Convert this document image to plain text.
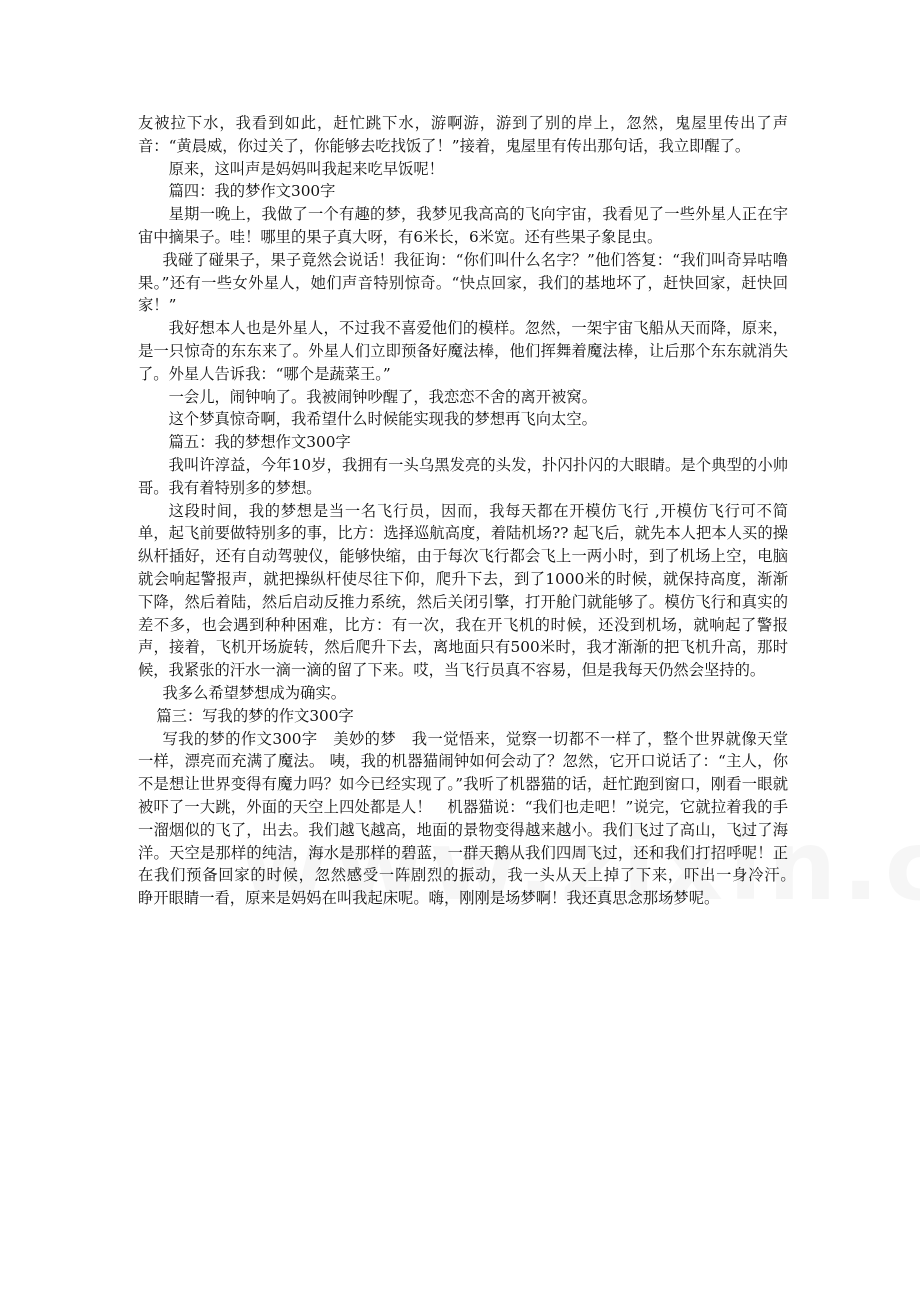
友被拉下水，我看到如此，赶忙跳下水，游啊游，游到了别的岸上，忽然，鬼屋里传出了声音：“黄晨威，你过关了，你能够去吃找饭了！”接着，鬼屋里有传出那句话，我立即醒了。

原来，这叫声是妈妈叫我起来吃早饭呢！

篇四：我的梦作文300字

星期一晚上，我做了一个有趣的梦，我梦见我高高的飞向宇宙，我看见了一些外星人正在宇宙中摘果子。哇！哪里的果子真大呀，有6米长，6米宽。还有些果子象昆虫。

我碰了碰果子，果子竟然会说话！我征询：“你们叫什么名字？”他们答复：“我们叫奇异咕噜果。”还有一些女外星人，她们声音特别惊奇。“快点回家，我们的基地坏了，赶快回家，赶快回家！”

我好想本人也是外星人，不过我不喜爱他们的模样。忽然，一架宇宙飞船从天而降，原来，是一只惊奇的东东来了。外星人们立即预备好魔法棒，他们挥舞着魔法棒，让后那个东东就消失了。外星人告诉我：“哪个是蔬菜王。”

一会儿，闹钟响了。我被闹钟吵醒了，我恋恋不舍的离开被窝。

这个梦真惊奇啊，我希望什么时候能实现我的梦想再飞向太空。

篇五：我的梦想作文300字

我叫许淳益，今年10岁，我拥有一头乌黑发亮的头发，扑闪扑闪的大眼睛。是个典型的小帅哥。我有着特别多的梦想。

这段时间，我的梦想是当一名飞行员，因而，我每天都在开模仿飞行 ,开模仿飞行可不简单，起飞前要做特别多的事，比方：选择巡航高度，着陆机场?? 起飞后，就先本人把本人买的操纵杆插好，还有自动驾驶仪，能够快缩，由于每次飞行都会飞上一两小时，到了机场上空，电脑就会响起警报声，就把操纵杆使尽往下仰，爬升下去，到了1000米的时候，就保持高度，渐渐下降，然后着陆，然后启动反推力系统，然后关闭引擎，打开舱门就能够了。模仿飞行和真实的差不多，也会遇到种种困难，比方：有一次，我在开飞机的时候，还没到机场，就响起了警报声，接着，飞机开场旋转，然后爬升下去，离地面只有500米时，我才渐渐的把飞机升高，那时候，我紧张的汗水一滴一滴的留了下来。哎，当飞行员真不容易，但是我每天仍然会坚持的。

我多么希望梦想成为确实。

篇三：写我的梦的作文300字

写我的梦的作文300字　美妙的梦　我一觉悟来，觉察一切都不一样了，整个世界就像天堂一样，漂亮而充满了魔法。 咦，我的机器猫闹钟如何会动了？忽然，它开口说话了：“主人，你不是想让世界变得有魔力吗？如今已经实现了。”我听了机器猫的话，赶忙跑到窗口，刚看一眼就被吓了一大跳，外面的天空上四处都是人！　机器猫说：“我们也走吧！”说完，它就拉着我的手一溜烟似的飞了，出去。我们越飞越高，地面的景物变得越来越小。我们飞过了高山，飞过了海洋。天空是那样的纯洁，海水是那样的碧蓝，一群天鹅从我们四周飞过，还和我们打招呼呢！正在我们预备回家的时候，忽然感受一阵剧烈的振动，我一头从天上掉了下来，吓出一身冷汗。　睁开眼睛一看，原来是妈妈在叫我起床呢。嗨，刚刚是场梦啊！我还真思念那场梦呢。
